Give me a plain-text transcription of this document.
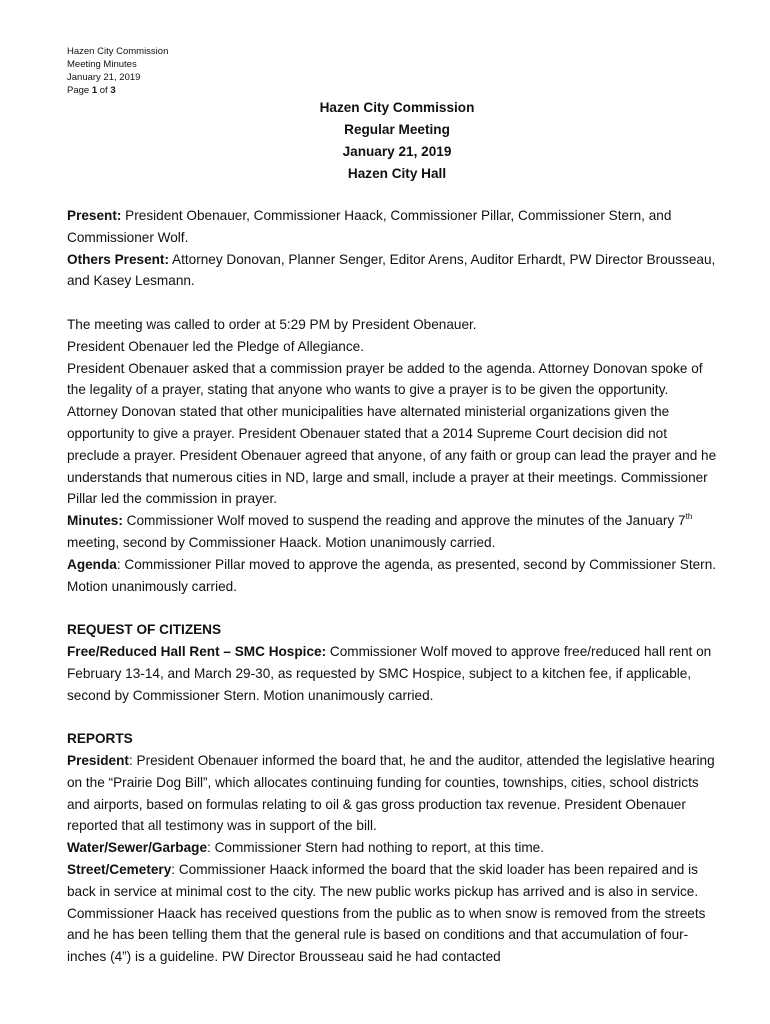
Hazen City Commission
Meeting Minutes
January 21, 2019
Page 1 of 3
Hazen City Commission
Regular Meeting
January 21, 2019
Hazen City Hall

Present: President Obenauer, Commissioner Haack, Commissioner Pillar, Commissioner Stern, and Commissioner Wolf.

Others Present: Attorney Donovan, Planner Senger, Editor Arens, Auditor Erhardt, PW Director Brousseau, and Kasey Lesmann.

The meeting was called to order at 5:29 PM by President Obenauer.

President Obenauer led the Pledge of Allegiance.

President Obenauer asked that a commission prayer be added to the agenda. Attorney Donovan spoke of the legality of a prayer, stating that anyone who wants to give a prayer is to be given the opportunity. Attorney Donovan stated that other municipalities have alternated ministerial organizations given the opportunity to give a prayer. President Obenauer stated that a 2014 Supreme Court decision did not preclude a prayer. President Obenauer agreed that anyone, of any faith or group can lead the prayer and he understands that numerous cities in ND, large and small, include a prayer at their meetings. Commissioner Pillar led the commission in prayer.

Minutes: Commissioner Wolf moved to suspend the reading and approve the minutes of the January 7th meeting, second by Commissioner Haack. Motion unanimously carried.

Agenda: Commissioner Pillar moved to approve the agenda, as presented, second by Commissioner Stern. Motion unanimously carried.

REQUEST OF CITIZENS

Free/Reduced Hall Rent – SMC Hospice: Commissioner Wolf moved to approve free/reduced hall rent on February 13-14, and March 29-30, as requested by SMC Hospice, subject to a kitchen fee, if applicable, second by Commissioner Stern. Motion unanimously carried.

REPORTS

President: President Obenauer informed the board that, he and the auditor, attended the legislative hearing on the “Prairie Dog Bill”, which allocates continuing funding for counties, townships, cities, school districts and airports, based on formulas relating to oil & gas gross production tax revenue. President Obenauer reported that all testimony was in support of the bill.

Water/Sewer/Garbage: Commissioner Stern had nothing to report, at this time.

Street/Cemetery: Commissioner Haack informed the board that the skid loader has been repaired and is back in service at minimal cost to the city. The new public works pickup has arrived and is also in service. Commissioner Haack has received questions from the public as to when snow is removed from the streets and he has been telling them that the general rule is based on conditions and that accumulation of four-inches (4”) is a guideline. PW Director Brousseau said he had contacted
